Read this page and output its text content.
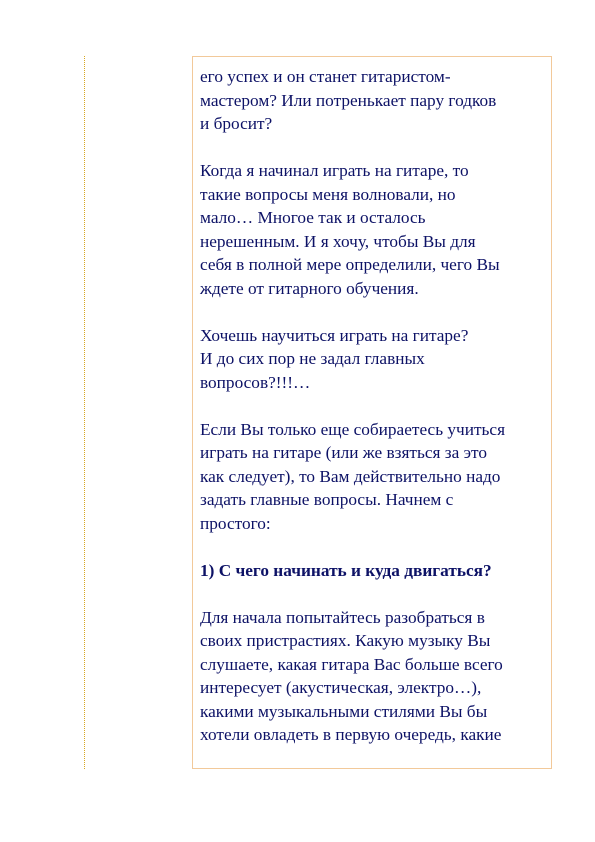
его успех и он станет гитаристом-
мастером? Или потренькает пару годков
и бросит?

Когда я начинал играть на гитаре, то
такие вопросы меня волновали, но
мало… Многое так и осталось
нерешенным. И я хочу, чтобы Вы для
себя в полной мере определили, чего Вы
ждете от гитарного обучения.

Хочешь научиться играть на гитаре?
И до сих пор не задал главных
вопросов?!!!…

Если Вы только еще собираетесь учиться
играть на гитаре (или же взяться за это
как следует), то Вам действительно надо
задать главные вопросы. Начнем с
простого:

1) С чего начинать и куда двигаться?

Для начала попытайтесь разобраться в
своих пристрастиях. Какую музыку Вы
слушаете, какая гитара Вас больше всего
интересует (акустическая, электро…),
какими музыкальными стилями Вы бы
хотели овладеть в первую очередь, какие
